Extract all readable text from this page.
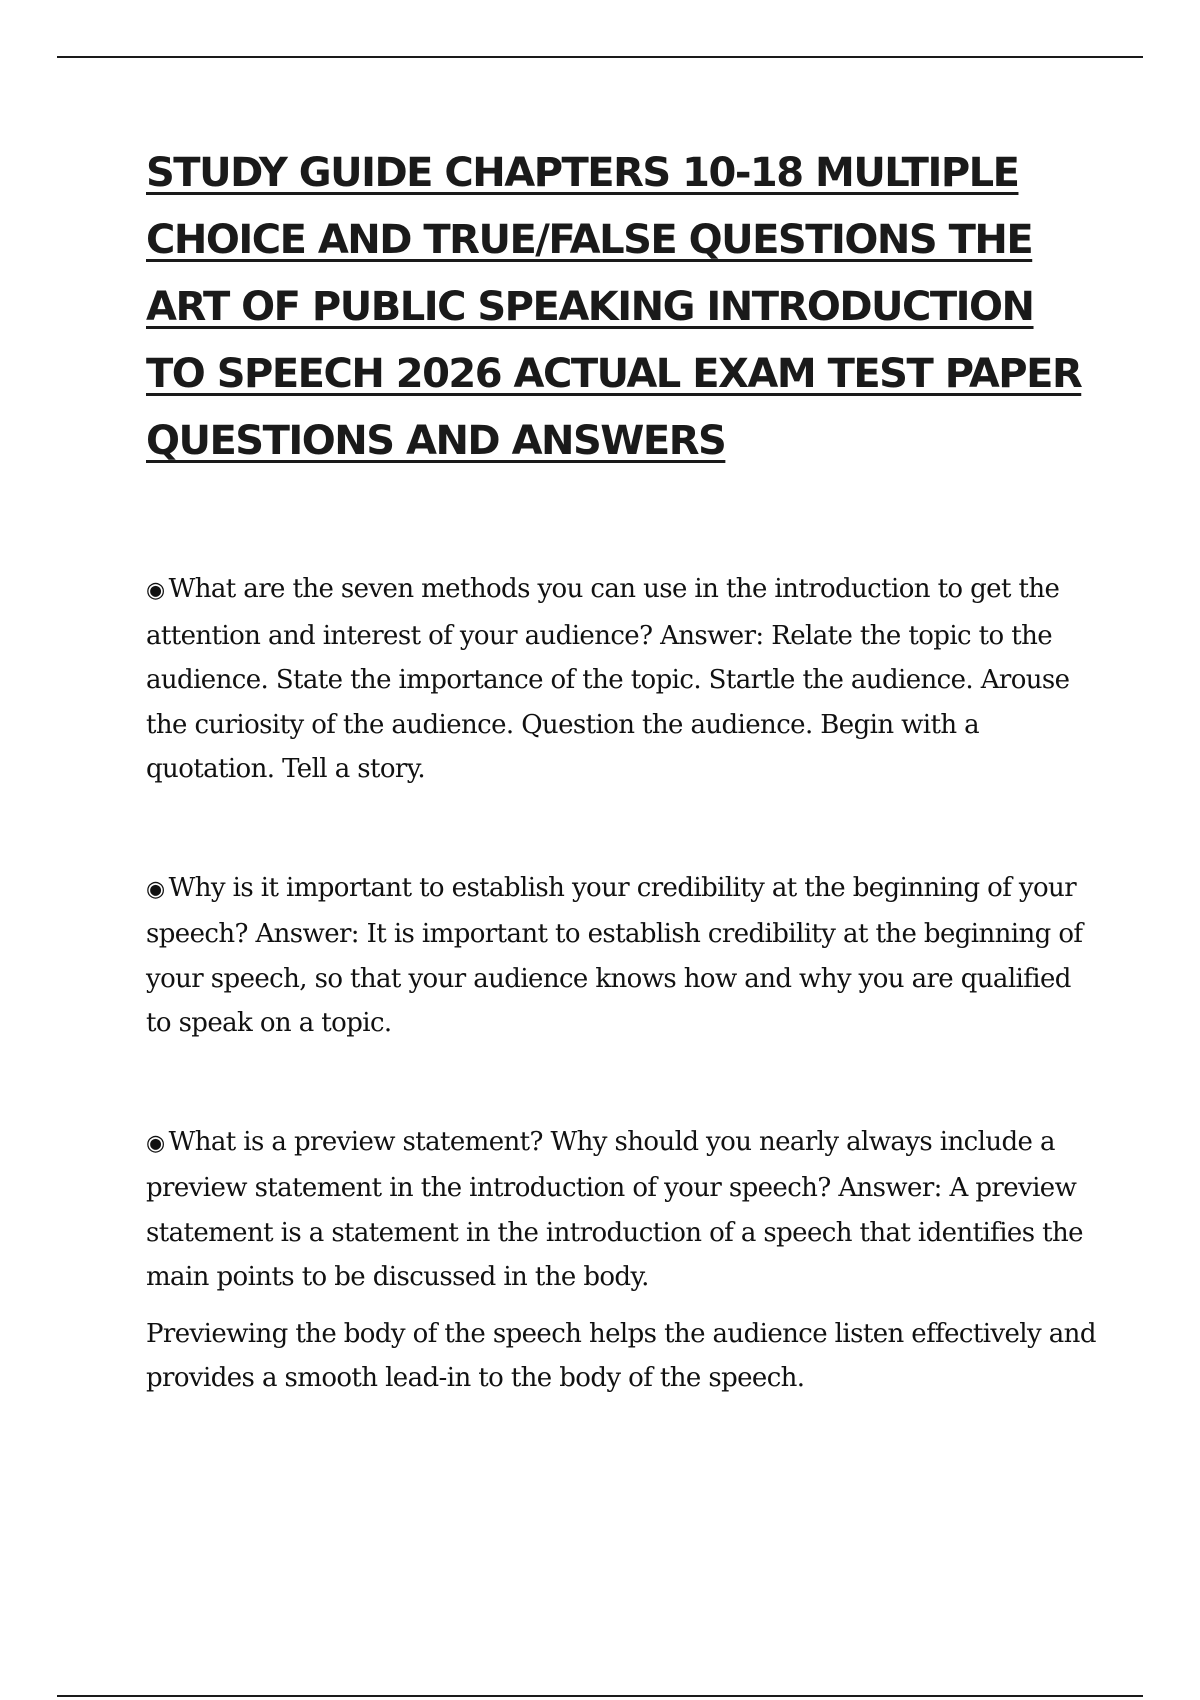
STUDY GUIDE CHAPTERS 10-18 MULTIPLE CHOICE AND TRUE/FALSE QUESTIONS THE ART OF PUBLIC SPEAKING INTRODUCTION TO SPEECH 2026 ACTUAL EXAM TEST PAPER QUESTIONS AND ANSWERS

◉ What are the seven methods you can use in the introduction to get the attention and interest of your audience? Answer: Relate the topic to the audience. State the importance of the topic. Startle the audience. Arouse the curiosity of the audience. Question the audience. Begin with a quotation. Tell a story.

◉ Why is it important to establish your credibility at the beginning of your speech? Answer: It is important to establish credibility at the beginning of your speech, so that your audience knows how and why you are qualified to speak on a topic.

◉ What is a preview statement? Why should you nearly always include a preview statement in the introduction of your speech? Answer: A preview statement is a statement in the introduction of a speech that identifies the main points to be discussed in the body.

Previewing the body of the speech helps the audience listen effectively and provides a smooth lead-in to the body of the speech.
